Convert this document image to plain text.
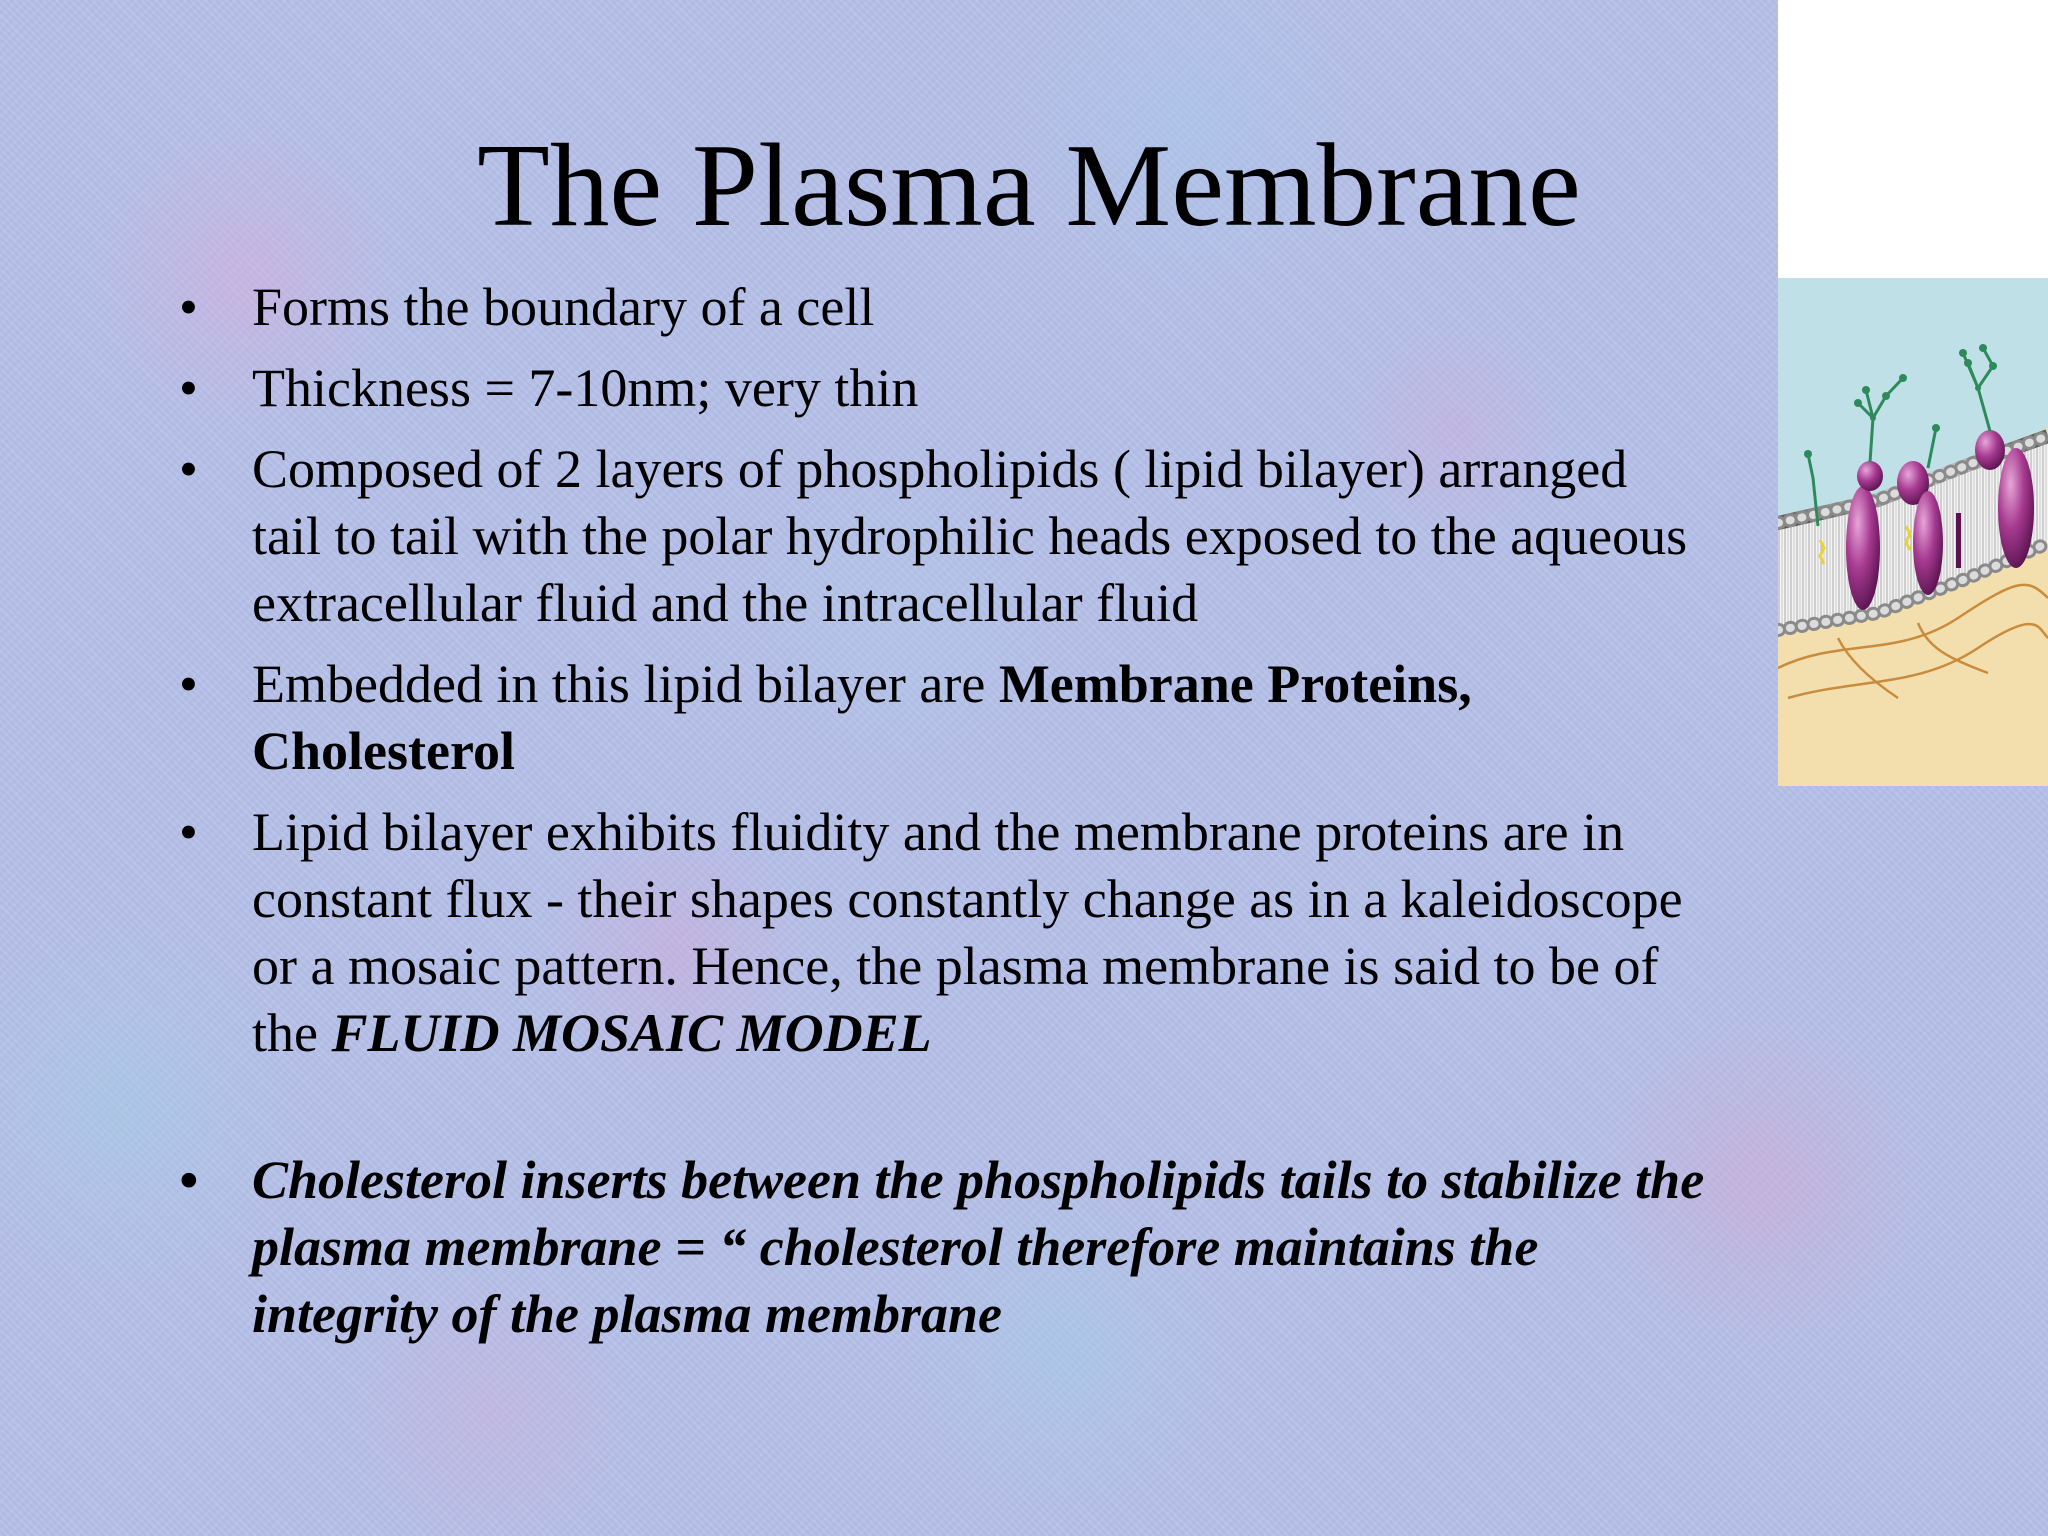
The Plasma Membrane
• Forms the boundary of a cell
• Thickness = 7-10nm; very thin
• Composed of 2 layers of phospholipids ( lipid bilayer) arranged
tail to tail with the polar hydrophilic heads exposed to the aqueous
extracellular fluid and the intracellular fluid
• Embedded in this lipid bilayer are Membrane Proteins,
Cholesterol
• Lipid bilayer exhibits fluidity and the membrane proteins are in
constant flux - their shapes constantly change as in a kaleidoscope
or a mosaic pattern. Hence, the plasma membrane is said to be of
the FLUID MOSAIC MODEL
• Cholesterol inserts between the phospholipids tails to stabilize the
plasma membrane = “ cholesterol therefore maintains the
integrity of the plasma membrane
